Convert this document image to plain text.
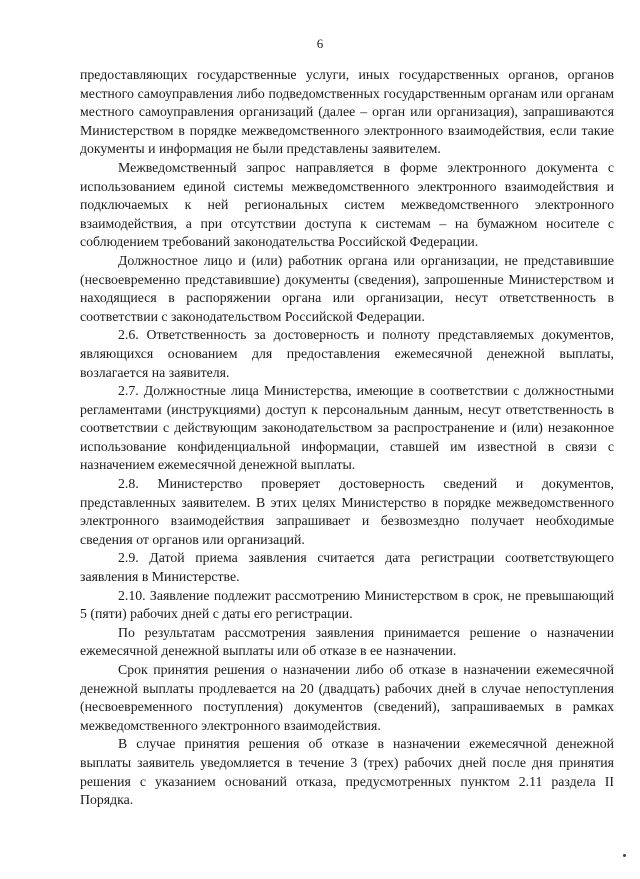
6

предоставляющих государственные услуги, иных государственных органов, органов местного самоуправления либо подведомственных государственным органам или органам местного самоуправления организаций (далее – орган или организация), запрашиваются Министерством в порядке межведомственного электронного взаимодействия, если такие документы и информация не были представлены заявителем.

Межведомственный запрос направляется в форме электронного документа с использованием единой системы межведомственного электронного взаимодействия и подключаемых к ней региональных систем межведомственного электронного взаимодействия, а при отсутствии доступа к системам – на бумажном носителе с соблюдением требований законодательства Российской Федерации.

Должностное лицо и (или) работник органа или организации, не представившие (несвоевременно представившие) документы (сведения), запрошенные Министерством и находящиеся в распоряжении органа или организации, несут ответственность в соответствии с законодательством Российской Федерации.

2.6. Ответственность за достоверность и полноту представляемых документов, являющихся основанием для предоставления ежемесячной денежной выплаты, возлагается на заявителя.

2.7. Должностные лица Министерства, имеющие в соответствии с должностными регламентами (инструкциями) доступ к персональным данным, несут ответственность в соответствии с действующим законодательством за распространение и (или) незаконное использование конфиденциальной информации, ставшей им известной в связи с назначением ежемесячной денежной выплаты.

2.8. Министерство проверяет достоверность сведений и документов, представленных заявителем. В этих целях Министерство в порядке межведомственного электронного взаимодействия запрашивает и безвозмездно получает необходимые сведения от органов или организаций.

2.9. Датой приема заявления считается дата регистрации соответствующего заявления в Министерстве.

2.10. Заявление подлежит рассмотрению Министерством в срок, не превышающий 5 (пяти) рабочих дней с даты его регистрации.

По результатам рассмотрения заявления принимается решение о назначении ежемесячной денежной выплаты или об отказе в ее назначении.

Срок принятия решения о назначении либо об отказе в назначении ежемесячной денежной выплаты продлевается на 20 (двадцать) рабочих дней в случае непоступления (несвоевременного поступления) документов (сведений), запрашиваемых в рамках межведомственного электронного взаимодействия.

В случае принятия решения об отказе в назначении ежемесячной денежной выплаты заявитель уведомляется в течение 3 (трех) рабочих дней после дня принятия решения с указанием оснований отказа, предусмотренных пунктом 2.11 раздела II Порядка.
